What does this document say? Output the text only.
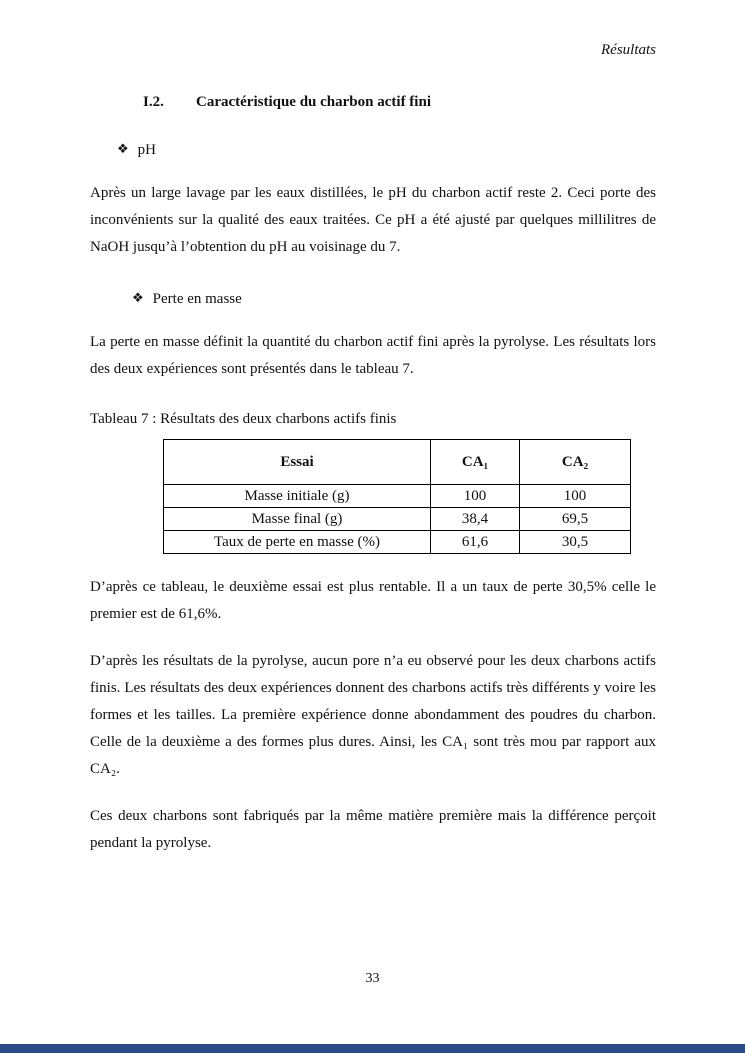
Résultats
I.2. Caractéristique du charbon actif fini
❖ pH

Après un large lavage par les eaux distillées, le pH du charbon actif reste 2. Ceci porte des inconvénients sur la qualité des eaux traitées. Ce pH a été ajusté par quelques millilitres de NaOH jusqu’à l’obtention du pH au voisinage du 7.

❖ Perte en masse

La perte en masse définit la quantité du charbon actif fini après la pyrolyse. Les résultats lors des deux expériences sont présentés dans le tableau 7.

Tableau 7 : Résultats des deux charbons actifs finis
Essai	CA₁	CA₂
Masse initiale (g)	100	100
Masse final (g)	38,4	69,5
Taux de perte en masse (%)	61,6	30,5

D’après ce tableau, le deuxième essai est plus rentable. Il a un taux de perte 30,5% celle le premier est de 61,6%.

D’après les résultats de la pyrolyse, aucun pore n’a eu observé pour les deux charbons actifs finis. Les résultats des deux expériences donnent des charbons actifs très différents y voire les formes et les tailles. La première expérience donne abondamment des poudres du charbon. Celle de la deuxième a des formes plus dures. Ainsi, les CA₁ sont très mou par rapport aux CA₂.

Ces deux charbons sont fabriqués par la même matière première mais la différence perçoit pendant la pyrolyse.

33
